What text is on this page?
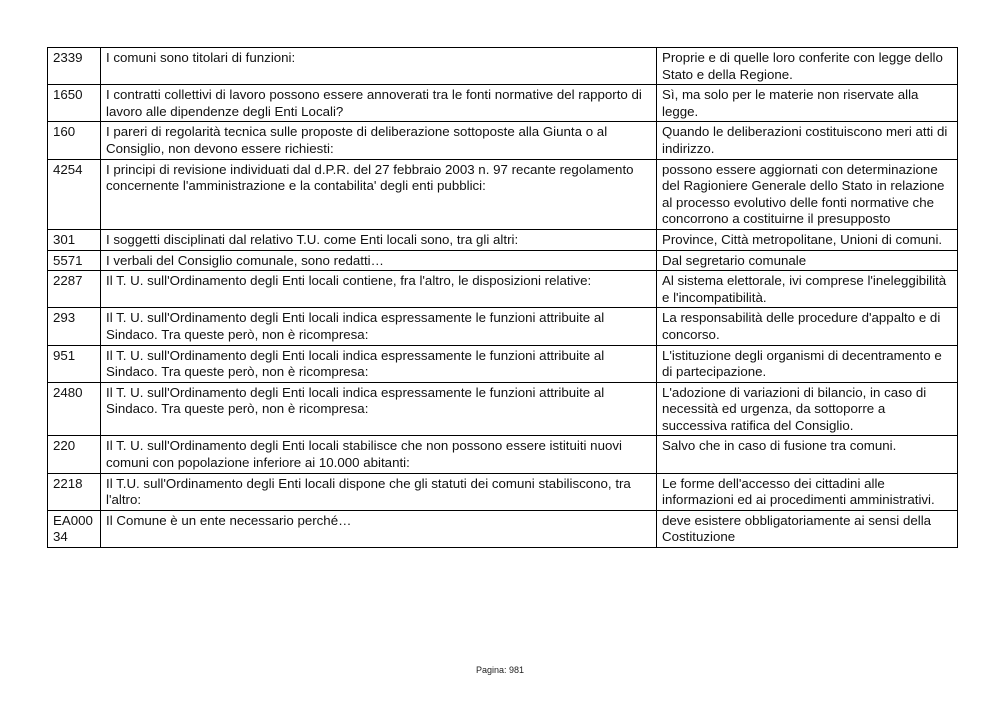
2339	I comuni sono titolari di funzioni:	Proprie e di quelle loro conferite con legge dello Stato e della Regione.
1650	I contratti collettivi di lavoro possono essere annoverati tra le fonti normative del rapporto di lavoro alle dipendenze degli Enti Locali?	Sì, ma solo per le materie non riservate alla legge.
160	I pareri di regolarità tecnica sulle proposte di deliberazione sottoposte alla Giunta o al Consiglio, non devono essere richiesti:	Quando le deliberazioni costituiscono meri atti di indirizzo.
4254	I principi di revisione individuati dal d.P.R. del 27 febbraio 2003 n. 97 recante regolamento concernente l'amministrazione e la contabilita' degli enti pubblici:	possono essere aggiornati con determinazione del Ragioniere Generale dello Stato in relazione al processo evolutivo delle fonti normative che concorrono a costituirne il presupposto
301	I soggetti disciplinati dal relativo T.U. come Enti locali sono, tra gli altri:	Province, Città metropolitane, Unioni di comuni.
5571	I verbali del Consiglio comunale, sono redatti…	Dal segretario comunale
2287	Il T. U. sull'Ordinamento degli Enti locali contiene, fra l'altro, le disposizioni relative:	Al sistema elettorale, ivi comprese l'ineleggibilità e l'incompatibilità.
293	Il T. U. sull'Ordinamento degli Enti locali indica espressamente le funzioni attribuite al Sindaco. Tra queste però, non è ricompresa:	La responsabilità delle procedure d'appalto e di concorso.
951	Il T. U. sull'Ordinamento degli Enti locali indica espressamente le funzioni attribuite al Sindaco. Tra queste però, non è ricompresa:	L'istituzione degli organismi di decentramento e di partecipazione.
2480	Il T. U. sull'Ordinamento degli Enti locali indica espressamente le funzioni attribuite al Sindaco. Tra queste però, non è ricompresa:	L'adozione di variazioni di bilancio, in caso di necessità ed urgenza, da sottoporre a successiva ratifica del Consiglio.
220	Il T. U. sull'Ordinamento degli Enti locali stabilisce che non possono essere istituiti nuovi comuni con popolazione inferiore ai 10.000 abitanti:	Salvo che in caso di fusione tra comuni.
2218	Il T.U. sull'Ordinamento degli Enti locali dispone che gli statuti dei comuni stabiliscono, tra l'altro:	Le forme dell'accesso dei cittadini alle informazioni ed ai procedimenti amministrativi.
EA00034	Il Comune è un ente necessario perché…	deve esistere obbligatoriamente ai sensi della Costituzione
Pagina: 981
